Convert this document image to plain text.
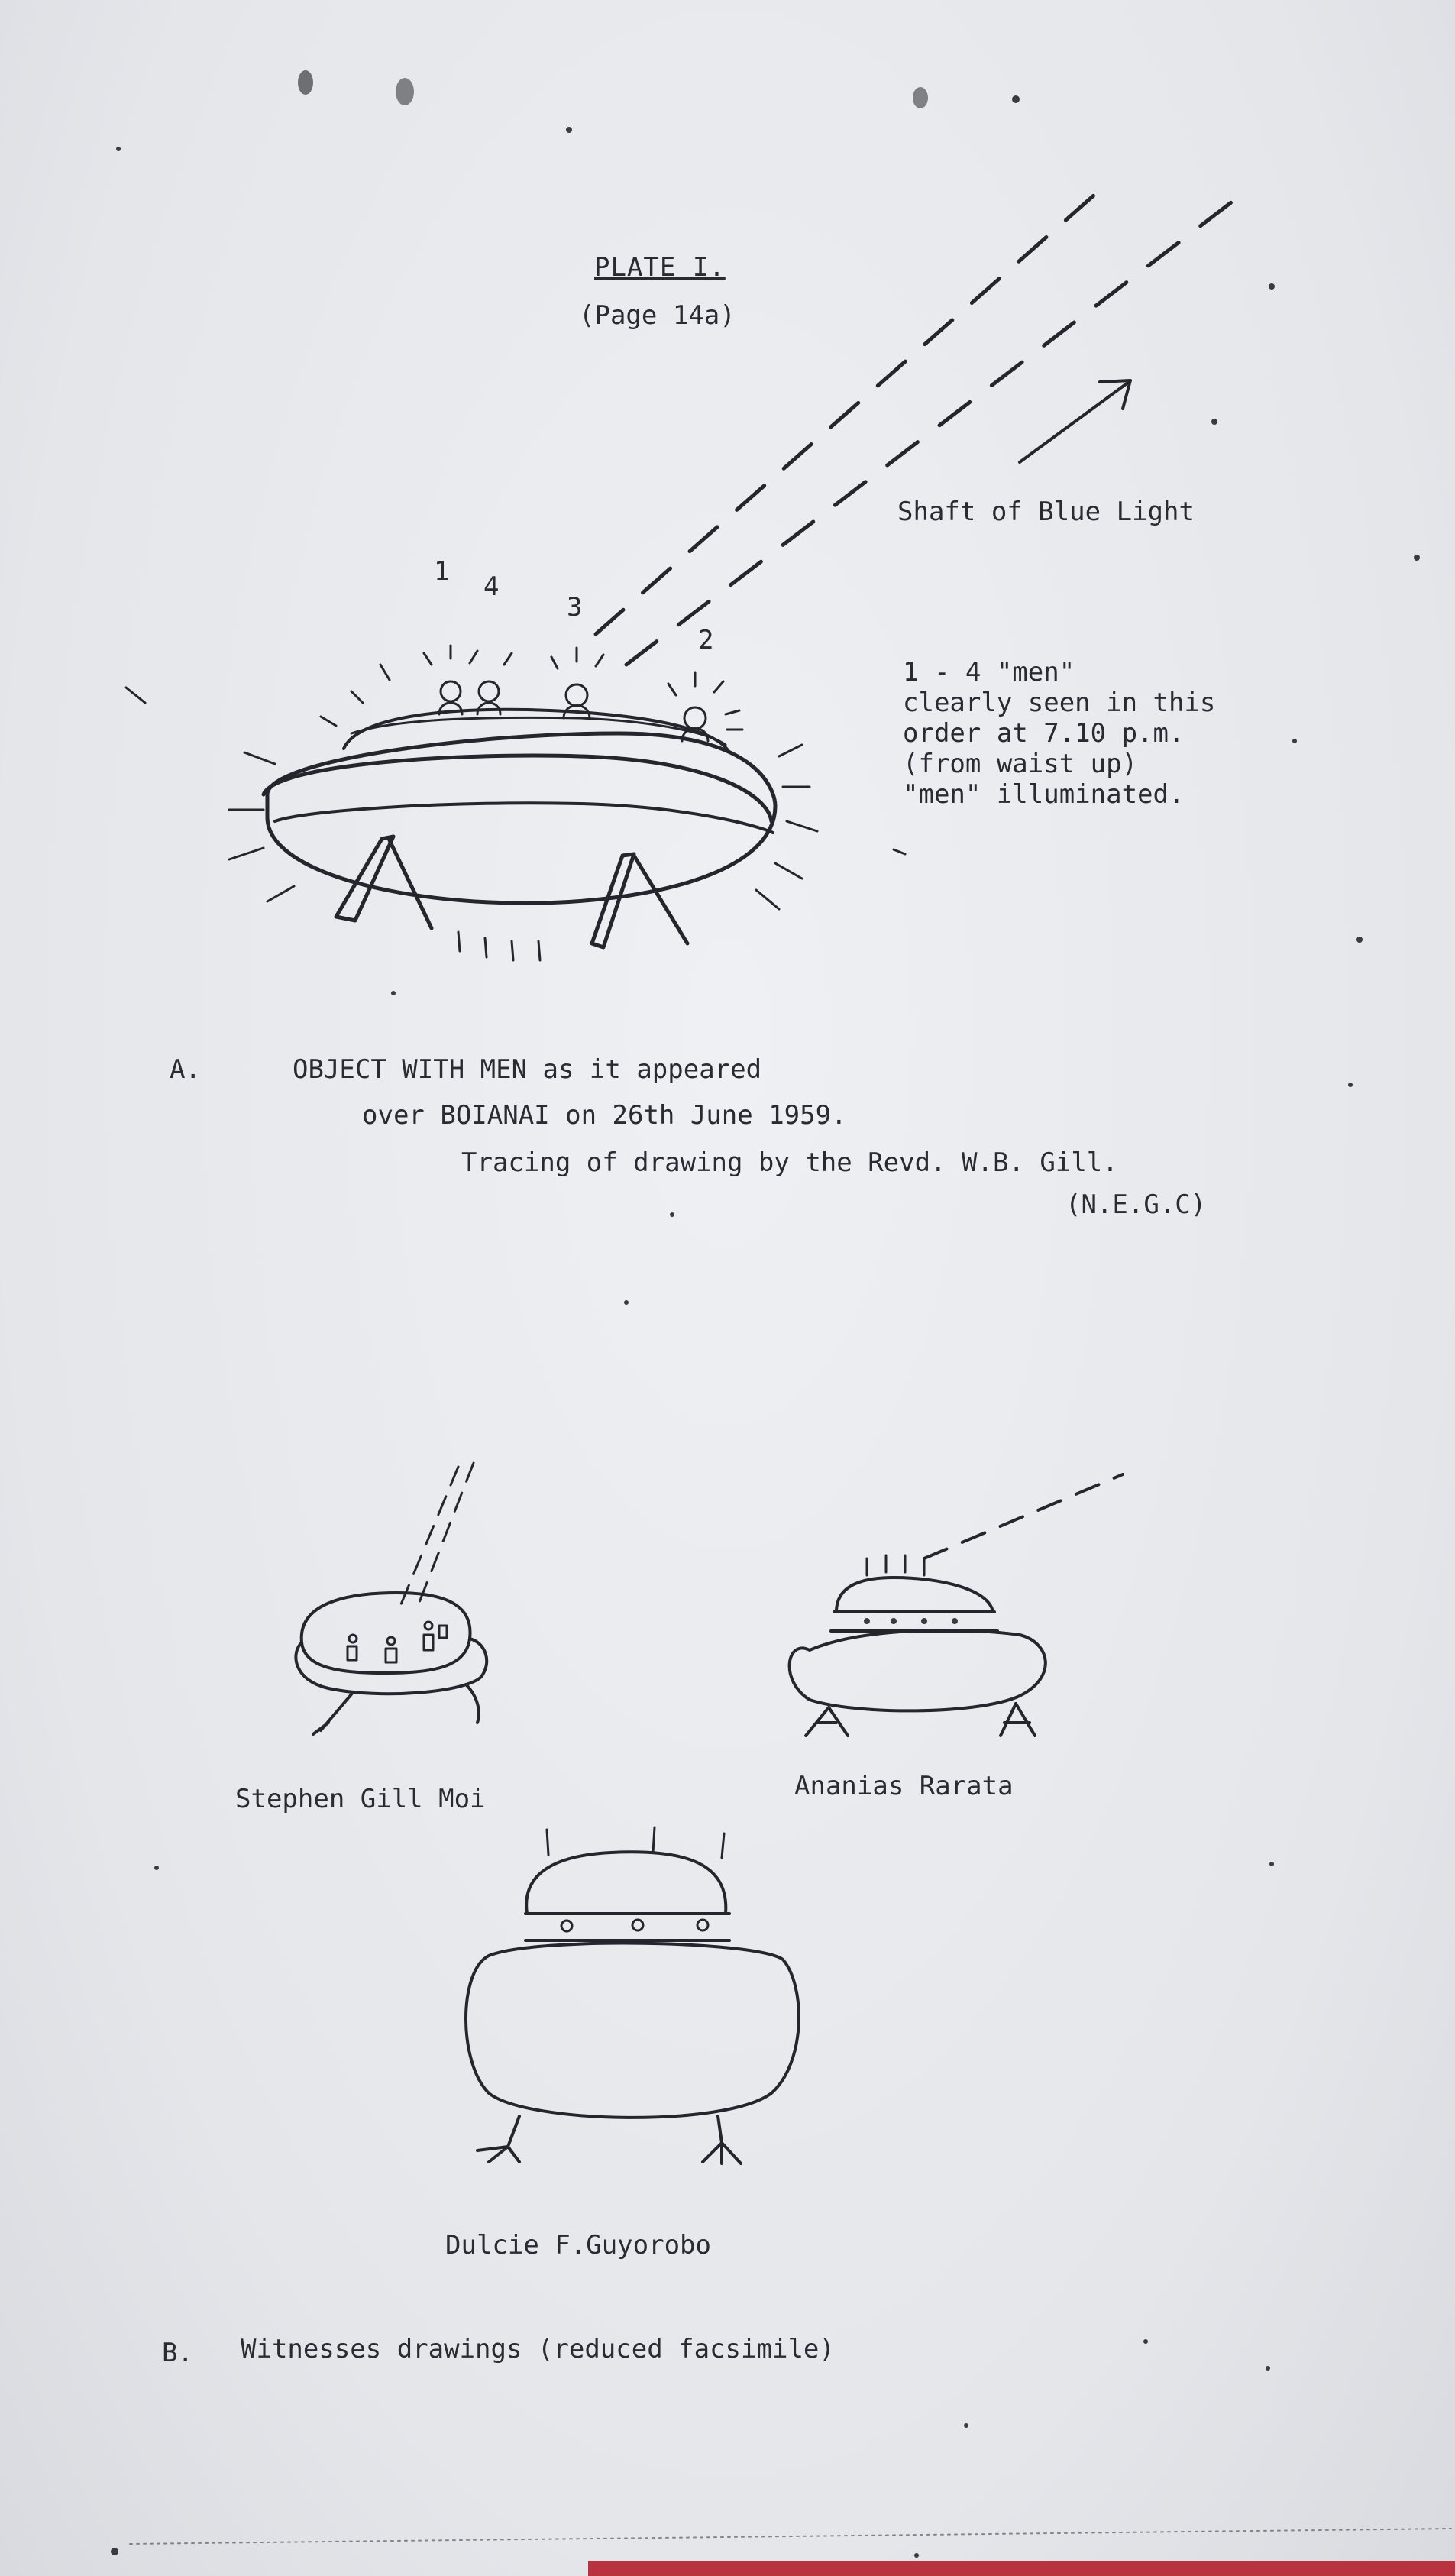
PLATE I.
(Page 14a)
Shaft of Blue Light
1 4
3
2
1 - 4 "men"
clearly seen in this
order at 7.10 p.m.
(from waist up)
"men" illuminated.
A.	OBJECT WITH MEN as it appeared
over BOIANAI on 26th June 1959.
Tracing of drawing by the Revd. W.B. Gill.
(N.E.G.C)
Stephen Gill Moi	Ananias Rarata
Dulcie F.Guyorobo
B. Witnesses drawings (reduced facsimile)
